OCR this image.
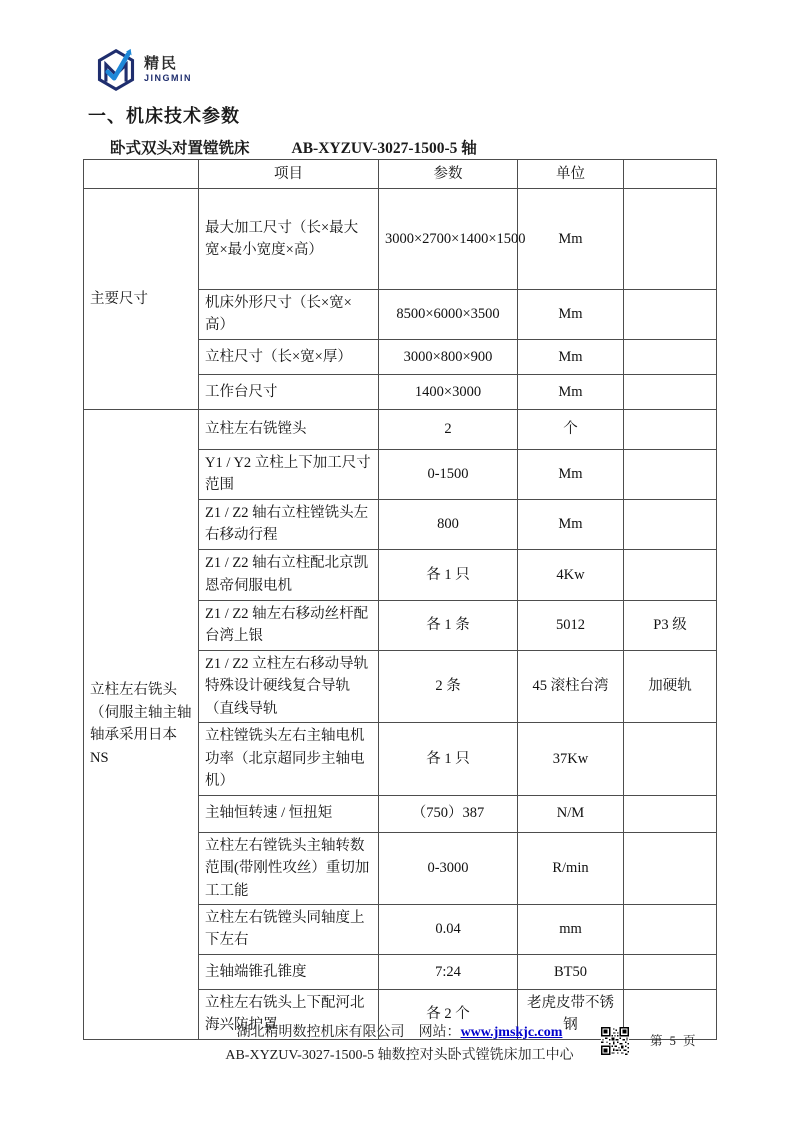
精民
JINGMIN
一、机床技术参数
卧式双头对置镗铣床	AB-XYZUV-3027-1500-5 轴
	项目	参数	单位	
主要尺寸	最大加工尺寸（长×最大宽×最小宽度×高）	3000×2700×1400×1500	Mm	
	机床外形尺寸（长×宽×高）	8500×6000×3500	Mm	
	立柱尺寸（长×宽×厚）	3000×800×900	Mm	
	工作台尺寸	1400×3000	Mm	
立柱左右铣头（伺服主轴主轴轴承采用日本 NS	立柱左右铣镗头	2	个	
	Y1 / Y2 立柱上下加工尺寸范围	0-1500	Mm	
	Z1 / Z2 轴右立柱镗铣头左右移动行程	800	Mm	
	Z1 / Z2 轴右立柱配北京凯恩帝伺服电机	各 1 只	4Kw	
	Z1 / Z2 轴左右移动丝杆配台湾上银	各 1 条	5012	P3 级
	Z1 / Z2 立柱左右移动导轨特殊设计硬线复合导轨（直线导轨	2 条	45 滚柱台湾	加硬轨
	立柱镗铣头左右主轴电机功率（北京超同步主轴电机）	各 1 只	37Kw	
	主轴恒转速 / 恒扭矩	（750）387	N/M	
	立柱左右镗铣头主轴转数范围(带刚性攻丝）重切加工工能	0-3000	R/min	
	立柱左右铣镗头同轴度上下左右	0.04	mm	
	主轴端锥孔锥度	7:24	BT50	
	立柱左右铣头上下配河北海兴防护罩	各 2 个	老虎皮带不锈钢	
湖北精明数控机床有限公司　 网站：www.jmskjc.com
AB-XYZUV-3027-1500-5 轴数控对头卧式镗铣床加工中心
第 5 页
